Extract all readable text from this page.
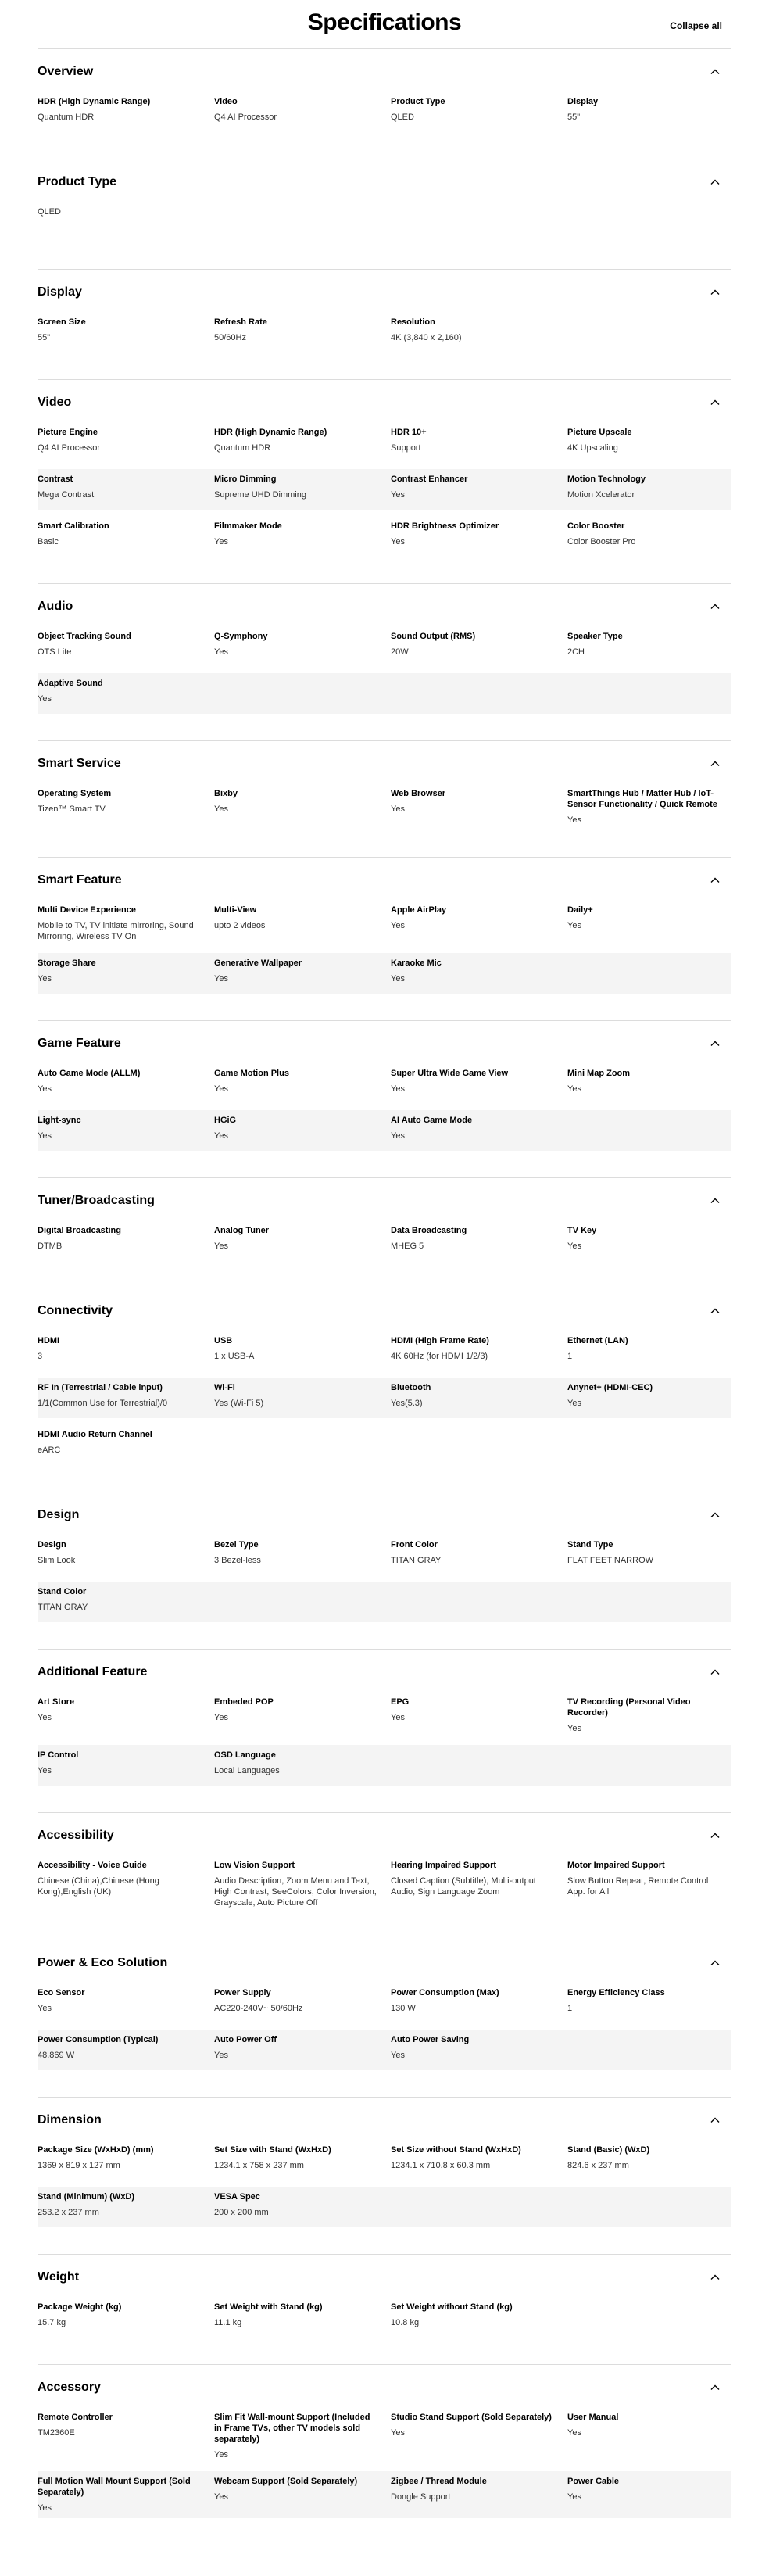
Specifications	Collapse all
Overview
HDR (High Dynamic Range)
Quantum HDR
Video
Q4 AI Processor
Product Type
QLED
Display
55"
Product Type
QLED
Display
Screen Size
55"
Refresh Rate
50/60Hz
Resolution
4K (3,840 x 2,160)
Video
Picture Engine
Q4 AI Processor
HDR (High Dynamic Range)
Quantum HDR
HDR 10+
Support
Picture Upscale
4K Upscaling
Contrast
Mega Contrast
Micro Dimming
Supreme UHD Dimming
Contrast Enhancer
Yes
Motion Technology
Motion Xcelerator
Smart Calibration
Basic
Filmmaker Mode
Yes
HDR Brightness Optimizer
Yes
Color Booster
Color Booster Pro
Audio
Object Tracking Sound
OTS Lite
Q-Symphony
Yes
Sound Output (RMS)
20W
Speaker Type
2CH
Adaptive Sound
Yes
Smart Service
Operating System
Tizen™ Smart TV
Bixby
Yes
Web Browser
Yes
SmartThings Hub / Matter Hub / IoT-Sensor Functionality / Quick Remote
Yes
Smart Feature
Multi Device Experience
Mobile to TV, TV initiate mirroring, Sound Mirroring, Wireless TV On
Multi-View
upto 2 videos
Apple AirPlay
Yes
Daily+
Yes
Storage Share
Yes
Generative Wallpaper
Yes
Karaoke Mic
Yes
Game Feature
Auto Game Mode (ALLM)
Yes
Game Motion Plus
Yes
Super Ultra Wide Game View
Yes
Mini Map Zoom
Yes
Light-sync
Yes
HGiG
Yes
AI Auto Game Mode
Yes
Tuner/Broadcasting
Digital Broadcasting
DTMB
Analog Tuner
Yes
Data Broadcasting
MHEG 5
TV Key
Yes
Connectivity
HDMI
3
USB
1 x USB-A
HDMI (High Frame Rate)
4K 60Hz (for HDMI 1/2/3)
Ethernet (LAN)
1
RF In (Terrestrial / Cable input)
1/1(Common Use for Terrestrial)/0
Wi-Fi
Yes (Wi-Fi 5)
Bluetooth
Yes(5.3)
Anynet+ (HDMI-CEC)
Yes
HDMI Audio Return Channel
eARC
Design
Design
Slim Look
Bezel Type
3 Bezel-less
Front Color
TITAN GRAY
Stand Type
FLAT FEET NARROW
Stand Color
TITAN GRAY
Additional Feature
Art Store
Yes
Embeded POP
Yes
EPG
Yes
TV Recording (Personal Video Recorder)
Yes
IP Control
Yes
OSD Language
Local Languages
Accessibility
Accessibility - Voice Guide
Chinese (China),Chinese (Hong Kong),English (UK)
Low Vision Support
Audio Description, Zoom Menu and Text, High Contrast, SeeColors, Color Inversion, Grayscale, Auto Picture Off
Hearing Impaired Support
Closed Caption (Subtitle), Multi-output Audio, Sign Language Zoom
Motor Impaired Support
Slow Button Repeat, Remote Control App. for All
Power & Eco Solution
Eco Sensor
Yes
Power Supply
AC220-240V~ 50/60Hz
Power Consumption (Max)
130 W
Energy Efficiency Class
1
Power Consumption (Typical)
48.869 W
Auto Power Off
Yes
Auto Power Saving
Yes
Dimension
Package Size (WxHxD) (mm)
1369 x 819 x 127 mm
Set Size with Stand (WxHxD)
1234.1 x 758 x 237 mm
Set Size without Stand (WxHxD)
1234.1 x 710.8 x 60.3 mm
Stand (Basic) (WxD)
824.6 x 237 mm
Stand (Minimum) (WxD)
253.2 x 237 mm
VESA Spec
200 x 200 mm
Weight
Package Weight (kg)
15.7 kg
Set Weight with Stand (kg)
11.1 kg
Set Weight without Stand (kg)
10.8 kg
Accessory
Remote Controller
TM2360E
Slim Fit Wall-mount Support (Included in Frame TVs, other TV models sold separately)
Yes
Studio Stand Support (Sold Separately)
Yes
User Manual
Yes
Full Motion Wall Mount Support (Sold Separately)
Yes
Webcam Support (Sold Separately)
Yes
Zigbee / Thread Module
Dongle Support
Power Cable
Yes
